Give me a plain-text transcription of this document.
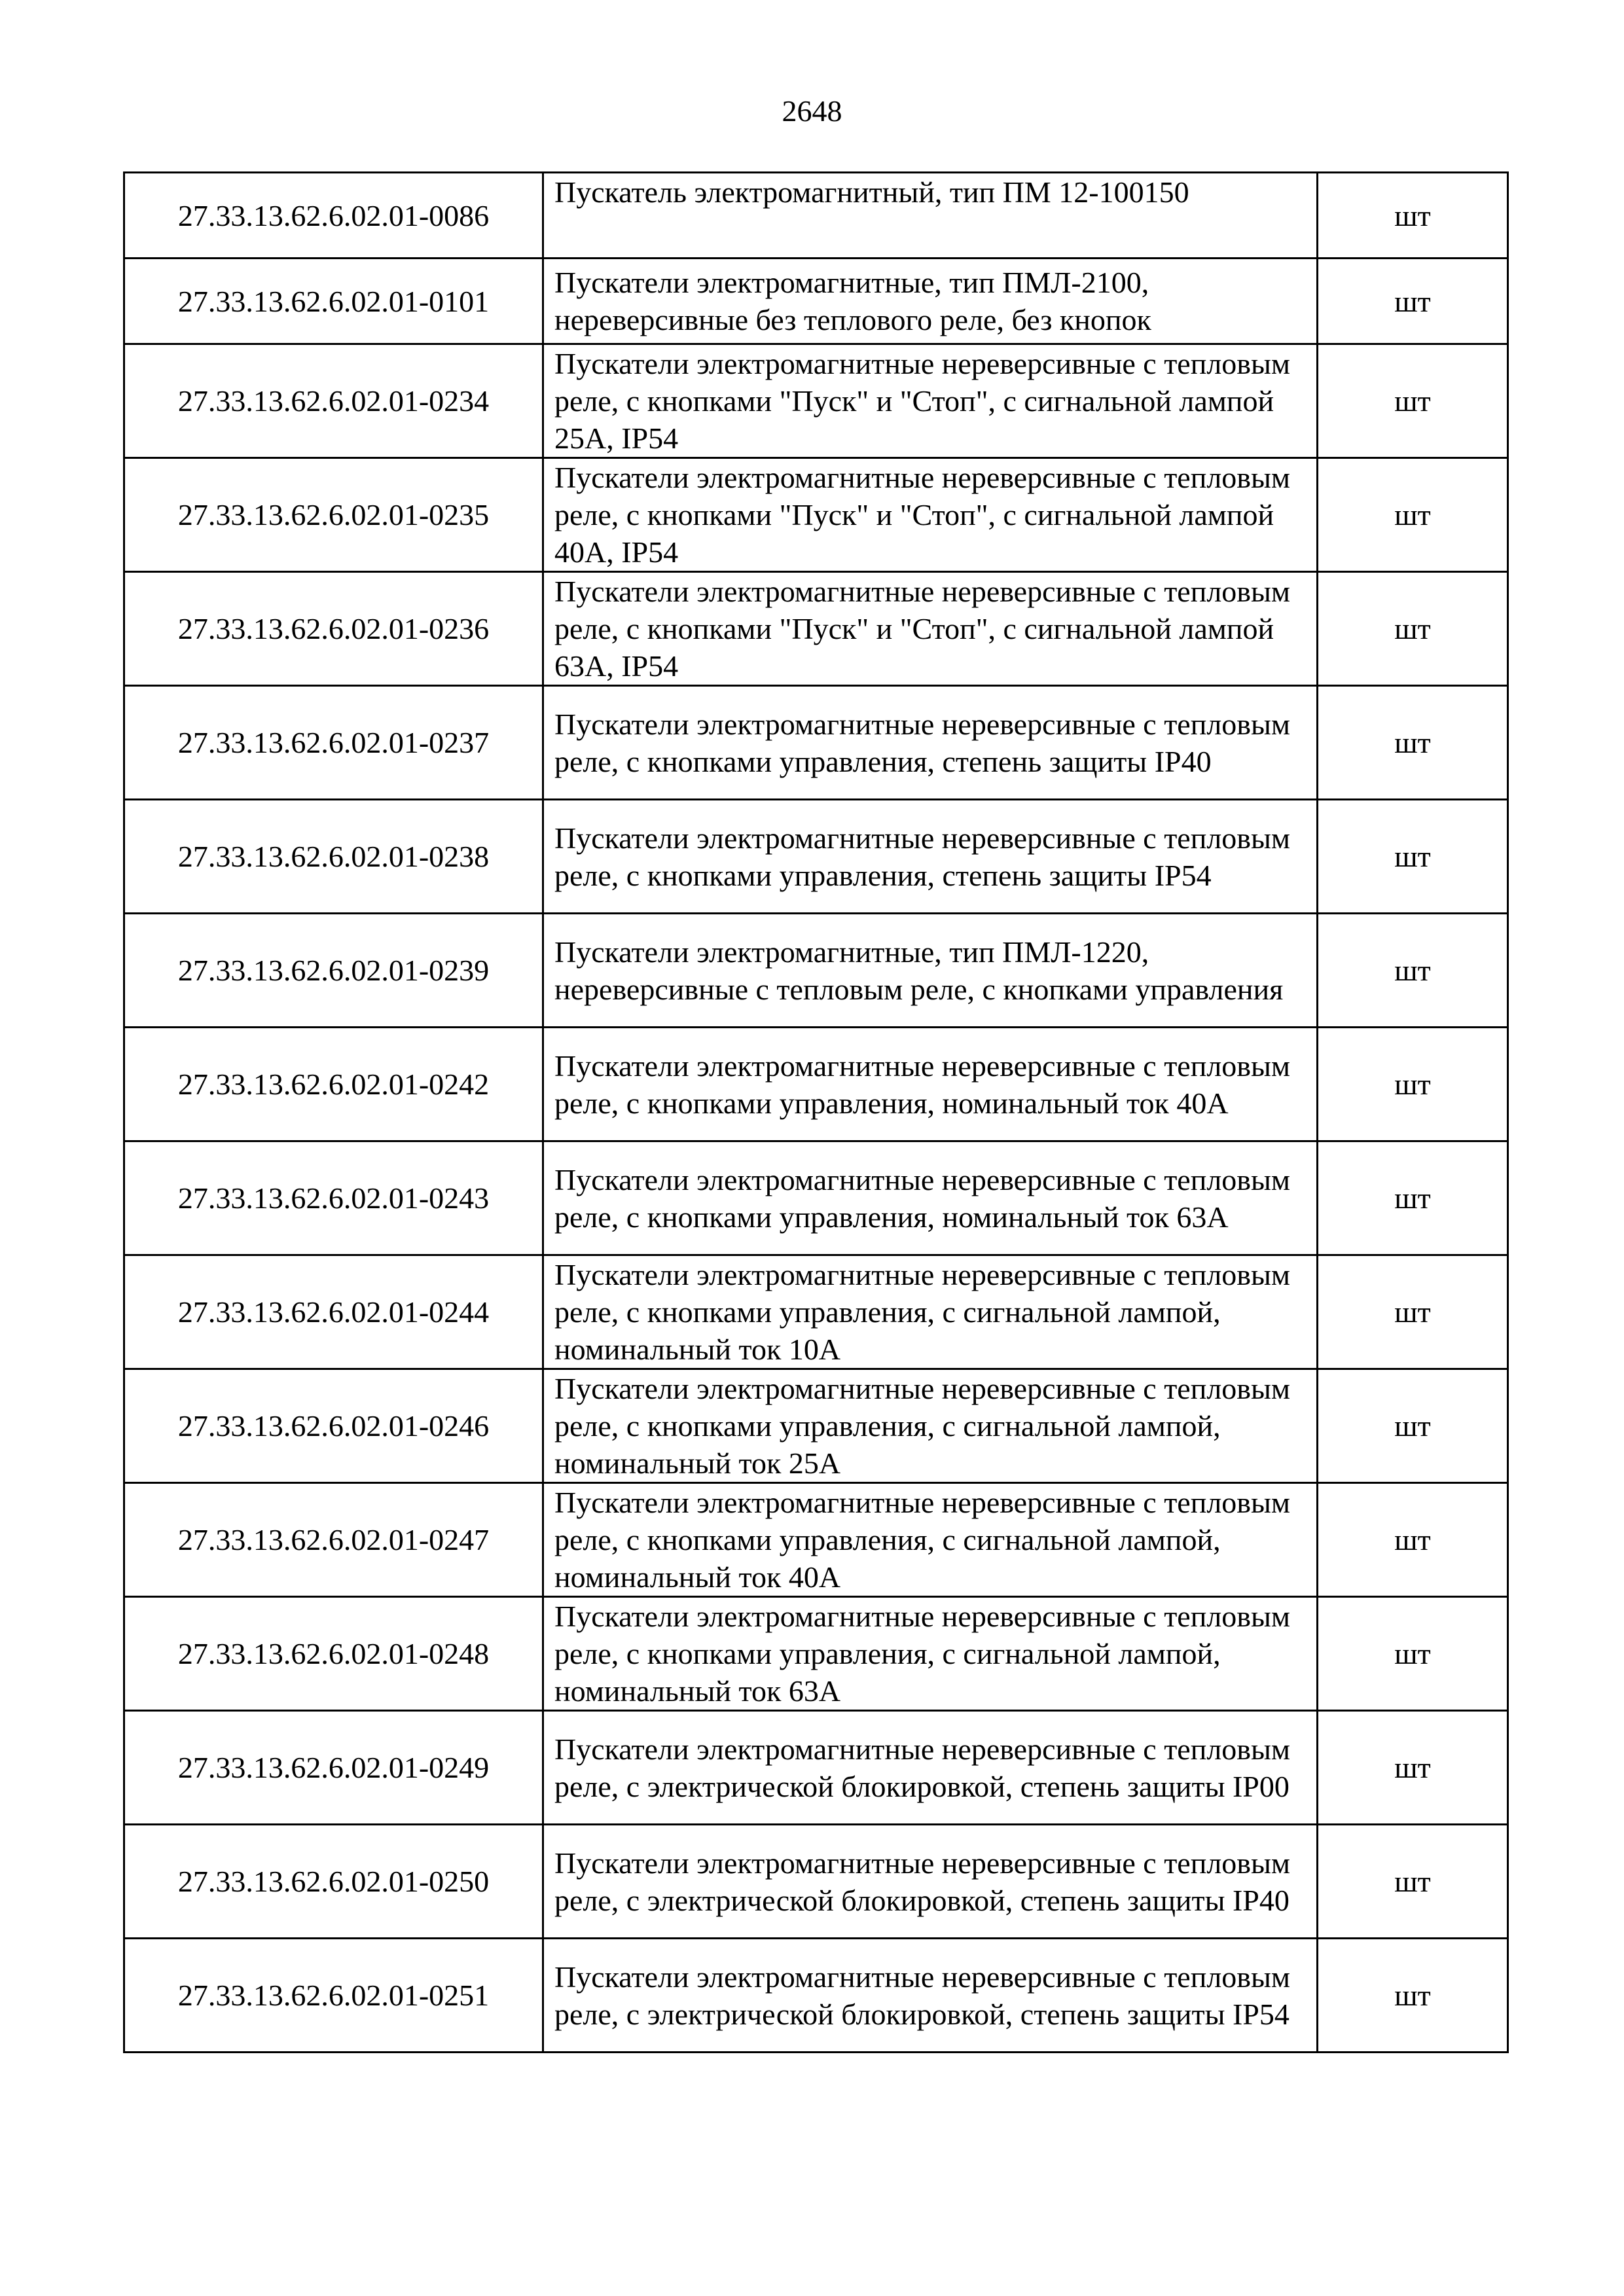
2648
27.33.13.62.6.02.01-0086	Пускатель электромагнитный, тип ПМ 12-100150	шт
27.33.13.62.6.02.01-0101	Пускатели электромагнитные, тип ПМЛ-2100, нереверсивные без теплового реле, без кнопок	шт
27.33.13.62.6.02.01-0234	Пускатели электромагнитные нереверсивные с тепловым реле, с кнопками "Пуск" и "Стоп", с сигнальной лампой 25А, IP54	шт
27.33.13.62.6.02.01-0235	Пускатели электромагнитные нереверсивные с тепловым реле, с кнопками "Пуск" и "Стоп", с сигнальной лампой 40А, IP54	шт
27.33.13.62.6.02.01-0236	Пускатели электромагнитные нереверсивные с тепловым реле, с кнопками "Пуск" и "Стоп", с сигнальной лампой 63А, IP54	шт
27.33.13.62.6.02.01-0237	Пускатели электромагнитные нереверсивные с тепловым реле, с кнопками управления, степень защиты IP40	шт
27.33.13.62.6.02.01-0238	Пускатели электромагнитные нереверсивные с тепловым реле, с кнопками управления, степень защиты IP54	шт
27.33.13.62.6.02.01-0239	Пускатели электромагнитные, тип ПМЛ-1220, нереверсивные с тепловым реле, с кнопками управления	шт
27.33.13.62.6.02.01-0242	Пускатели электромагнитные нереверсивные с тепловым реле, с кнопками управления, номинальный ток 40А	шт
27.33.13.62.6.02.01-0243	Пускатели электромагнитные нереверсивные с тепловым реле, с кнопками управления, номинальный ток 63А	шт
27.33.13.62.6.02.01-0244	Пускатели электромагнитные нереверсивные с тепловым реле, с кнопками управления, с сигнальной лампой, номинальный ток 10А	шт
27.33.13.62.6.02.01-0246	Пускатели электромагнитные нереверсивные с тепловым реле, с кнопками управления, с сигнальной лампой, номинальный ток 25А	шт
27.33.13.62.6.02.01-0247	Пускатели электромагнитные нереверсивные с тепловым реле, с кнопками управления, с сигнальной лампой, номинальный ток 40А	шт
27.33.13.62.6.02.01-0248	Пускатели электромагнитные нереверсивные с тепловым реле, с кнопками управления, с сигнальной лампой, номинальный ток 63А	шт
27.33.13.62.6.02.01-0249	Пускатели электромагнитные нереверсивные с тепловым реле, с электрической блокировкой, степень защиты IP00	шт
27.33.13.62.6.02.01-0250	Пускатели электромагнитные нереверсивные с тепловым реле, с электрической блокировкой, степень защиты IP40	шт
27.33.13.62.6.02.01-0251	Пускатели электромагнитные нереверсивные с тепловым реле, с электрической блокировкой, степень защиты IP54	шт
